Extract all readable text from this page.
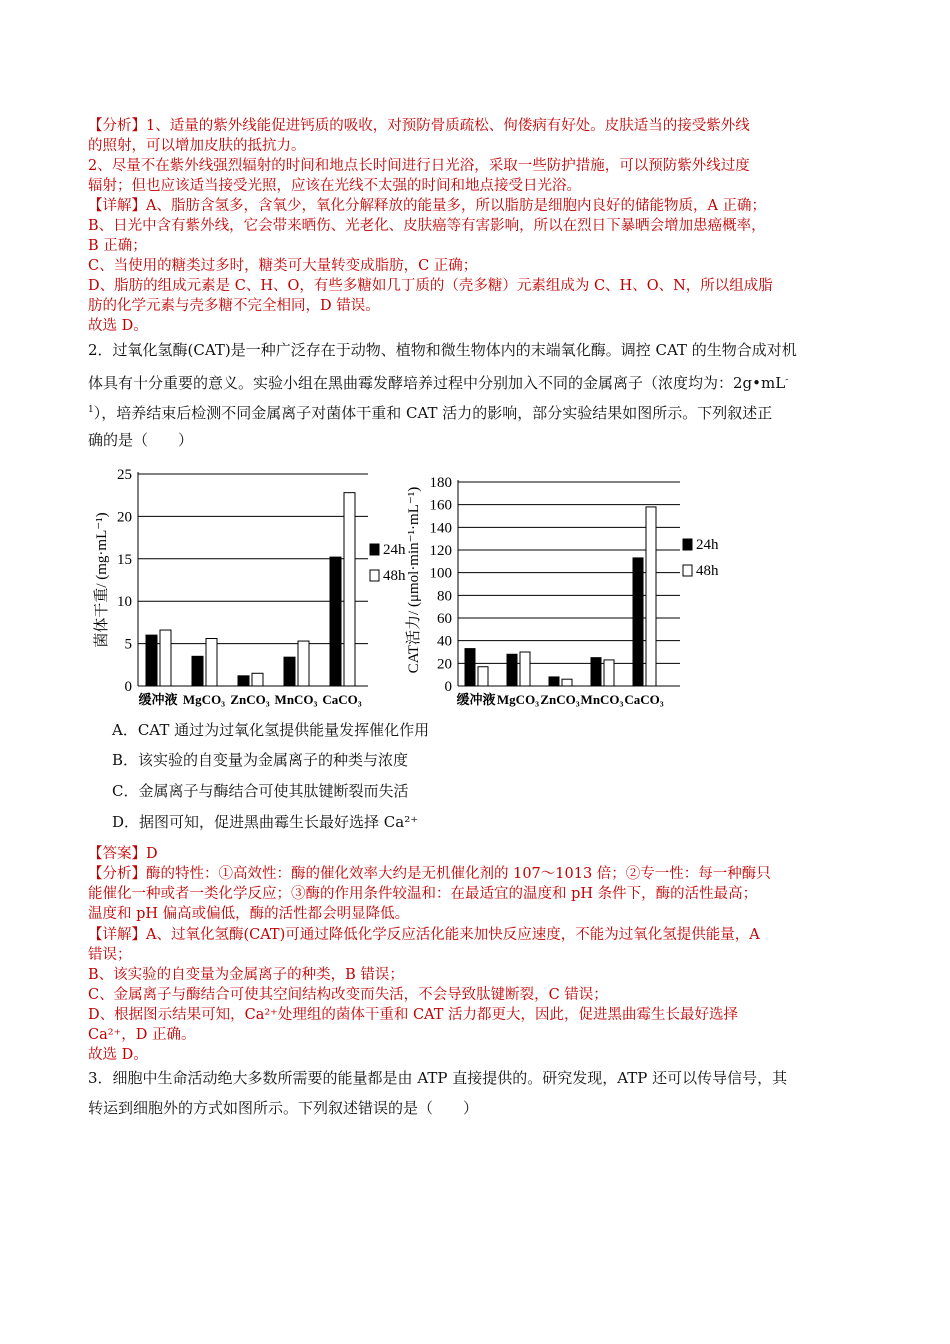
【分析】1、适量的紫外线能促进钙质的吸收，对预防骨质疏松、佝偻病有好处。皮肤适当的接受紫外线
的照射，可以增加皮肤的抵抗力。
2、尽量不在紫外线强烈辐射的时间和地点长时间进行日光浴，采取一些防护措施，可以预防紫外线过度
辐射；但也应该适当接受光照，应该在光线不太强的时间和地点接受日光浴。
【详解】A、脂肪含氢多，含氧少，氧化分解释放的能量多，所以脂肪是细胞内良好的储能物质，A 正确；
B、日光中含有紫外线，它会带来晒伤、光老化、皮肤癌等有害影响，所以在烈日下暴晒会增加患癌概率，
B 正确；
C、当使用的糖类过多时，糖类可大量转变成脂肪，C 正确；
D、脂肪的组成元素是 C、H、O，有些多糖如几丁质的（壳多糖）元素组成为 C、H、O、N，所以组成脂
肪的化学元素与壳多糖不完全相同，D 错误。
故选 D。
2．过氧化氢酶(CAT)是一种广泛存在于动物、植物和微生物体内的末端氧化酶。调控 CAT 的生物合成对机
体具有十分重要的意义。实验小组在黑曲霉发酵培养过程中分别加入不同的金属离子（浓度均为：2g•mL-
$^1$），培养结束后检测不同金属离子对菌体干重和 CAT 活力的影响，部分实验结果如图所示。下列叙述正
确的是（　　）
0
5
10
15
20
25
菌体干重/ (mg·mL⁻¹)
缓冲液 MgCO₃ ZnCO₃ MnCO₃ CaCO₃
24h
48h
0
20
40
60
80
100
120
140
160
180
CAT活力/ (μmol·min⁻¹·mL⁻¹)
缓冲液 MgCO₃ ZnCO₃ MnCO₃ CaCO₃
24h
48h
A．CAT 通过为过氧化氢提供能量发挥催化作用
B．该实验的自变量为金属离子的种类与浓度
C．金属离子与酶结合可使其肽键断裂而失活
D．据图可知，促进黑曲霉生长最好选择 Ca²⁺
【答案】D
【分析】酶的特性：①高效性：酶的催化效率大约是无机催化剂的 107～1013 倍；②专一性：每一种酶只
能催化一种或者一类化学反应；③酶的作用条件较温和：在最适宜的温度和 pH 条件下，酶的活性最高；
温度和 pH 偏高或偏低，酶的活性都会明显降低。
【详解】A、过氧化氢酶(CAT)可通过降低化学反应活化能来加快反应速度，不能为过氧化氢提供能量，A
错误；
B、该实验的自变量为金属离子的种类，B 错误；
C、金属离子与酶结合可使其空间结构改变而失活，不会导致肽键断裂，C 错误；
D、根据图示结果可知，Ca²⁺处理组的菌体干重和 CAT 活力都更大，因此，促进黑曲霉生长最好选择
Ca²⁺，D 正确。
故选 D。
3．细胞中生命活动绝大多数所需要的能量都是由 ATP 直接提供的。研究发现，ATP 还可以传导信号，其
转运到细胞外的方式如图所示。下列叙述错误的是（　　）
